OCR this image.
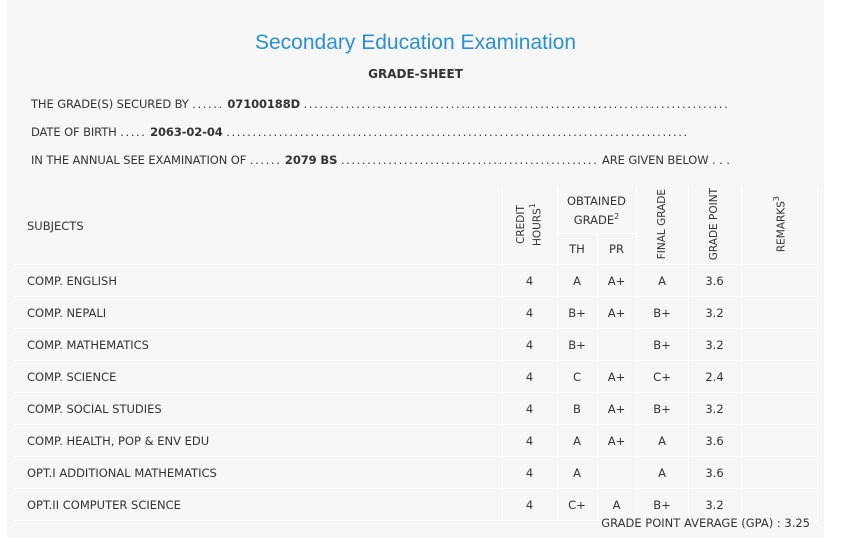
Secondary Education Examination
GRADE-SHEET
THE GRADE(S) SECURED BY ...... 07100188D .................................................................................
DATE OF BIRTH ..... 2063-02-04 ........................................................................................
IN THE ANNUAL SEE EXAMINATION OF ...... 2079 BS ................................................. ARE GIVEN BELOW . . .
SUBJECTS	CREDIT HOURS$^1$	OBTAINED GRADE$^2$		FINAL GRADE	GRADE POINT	REMARKS$^3$
		TH	PR			
COMP. ENGLISH	4	A	A+	A	3.6	
COMP. NEPALI	4	B+	A+	B+	3.2	
COMP. MATHEMATICS	4	B+		B+	3.2	
COMP. SCIENCE	4	C	A+	C+	2.4	
COMP. SOCIAL STUDIES	4	B	A+	B+	3.2	
COMP. HEALTH, POP & ENV EDU	4	A	A+	A	3.6	
OPT.I ADDITIONAL MATHEMATICS	4	A		A	3.6	
OPT.II COMPUTER SCIENCE	4	C+	A	B+	3.2	
GRADE POINT AVERAGE (GPA) : 3.25
